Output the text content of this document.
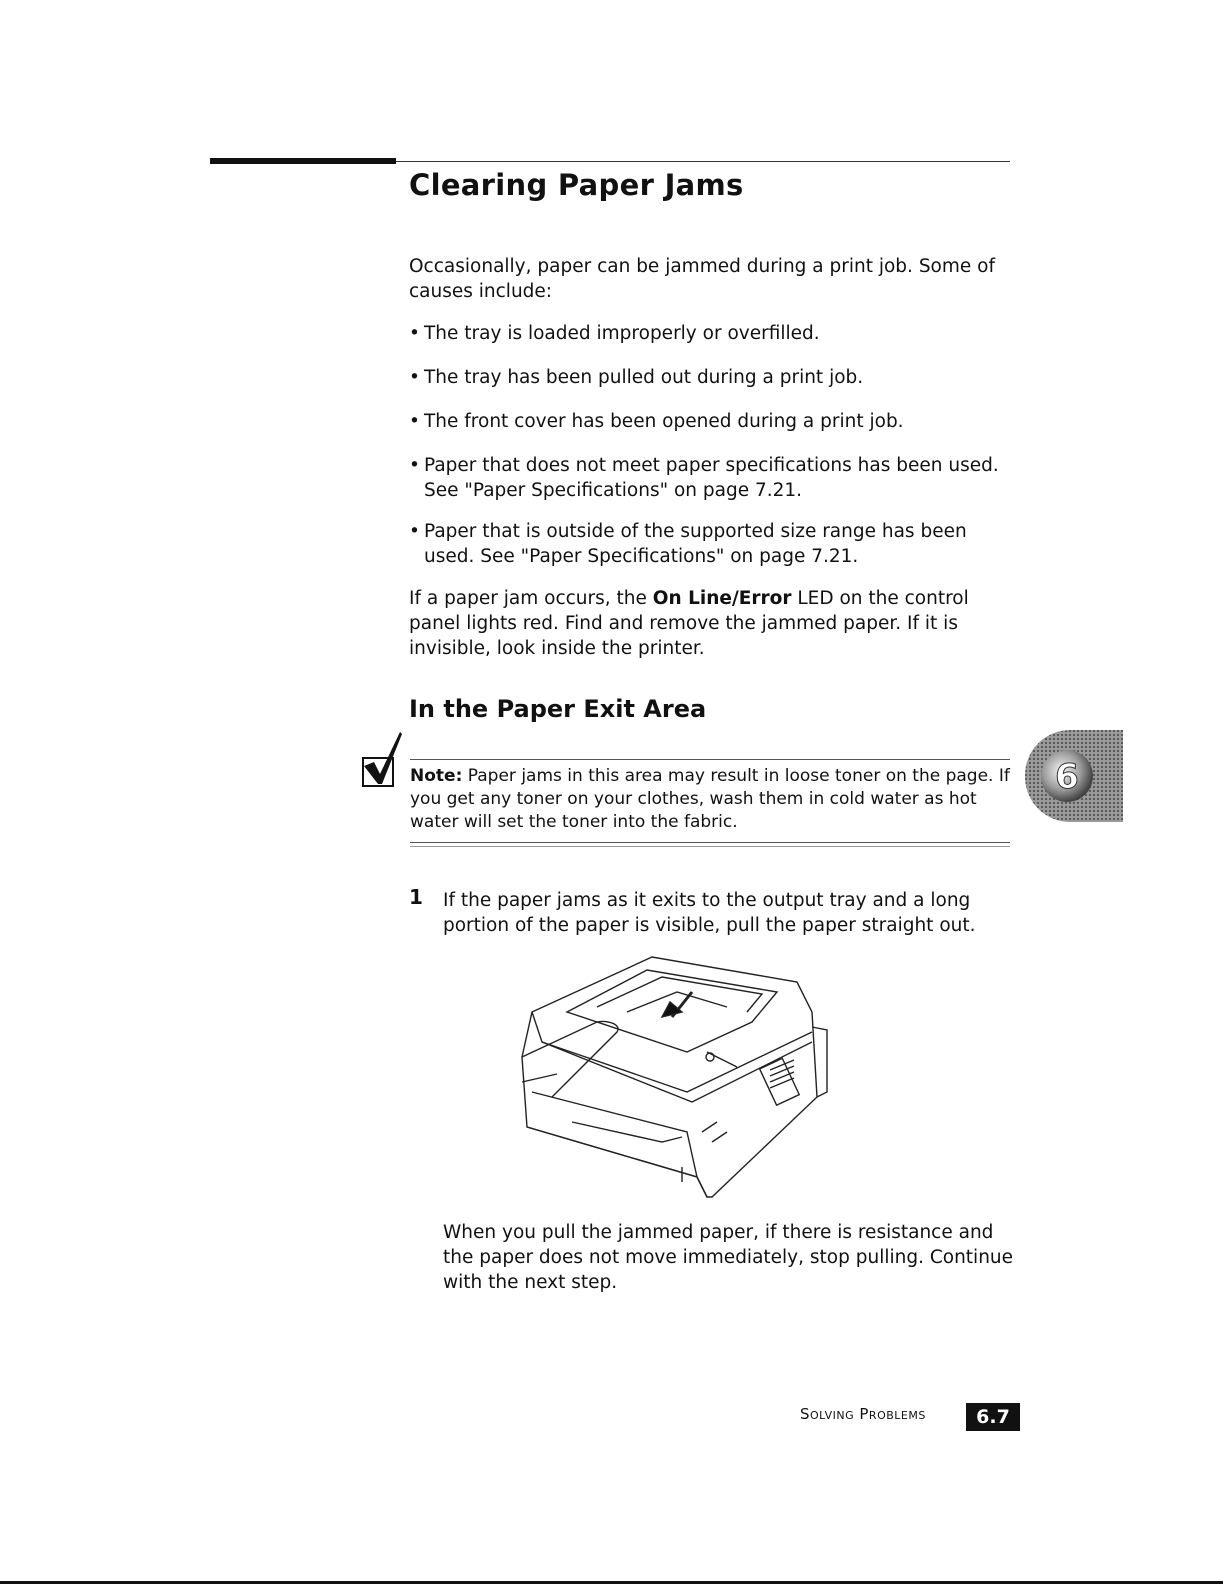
Clearing Paper Jams

Occasionally, paper can be jammed during a print job. Some of causes include:

• The tray is loaded improperly or overfilled.
• The tray has been pulled out during a print job.
• The front cover has been opened during a print job.
• Paper that does not meet paper specifications has been used. See "Paper Specifications" on page 7.21.
• Paper that is outside of the supported size range has been used. See "Paper Specifications" on page 7.21.

If a paper jam occurs, the On Line/Error LED on the control panel lights red. Find and remove the jammed paper. If it is invisible, look inside the printer.

In the Paper Exit Area

Note: Paper jams in this area may result in loose toner on the page. If you get any toner on your clothes, wash them in cold water as hot water will set the toner into the fabric.

6
1 If the paper jams as it exits to the output tray and a long portion of the paper is visible, pull the paper straight out.

When you pull the jammed paper, if there is resistance and the paper does not move immediately, stop pulling. Continue with the next step.

Solving Problems	6.7
